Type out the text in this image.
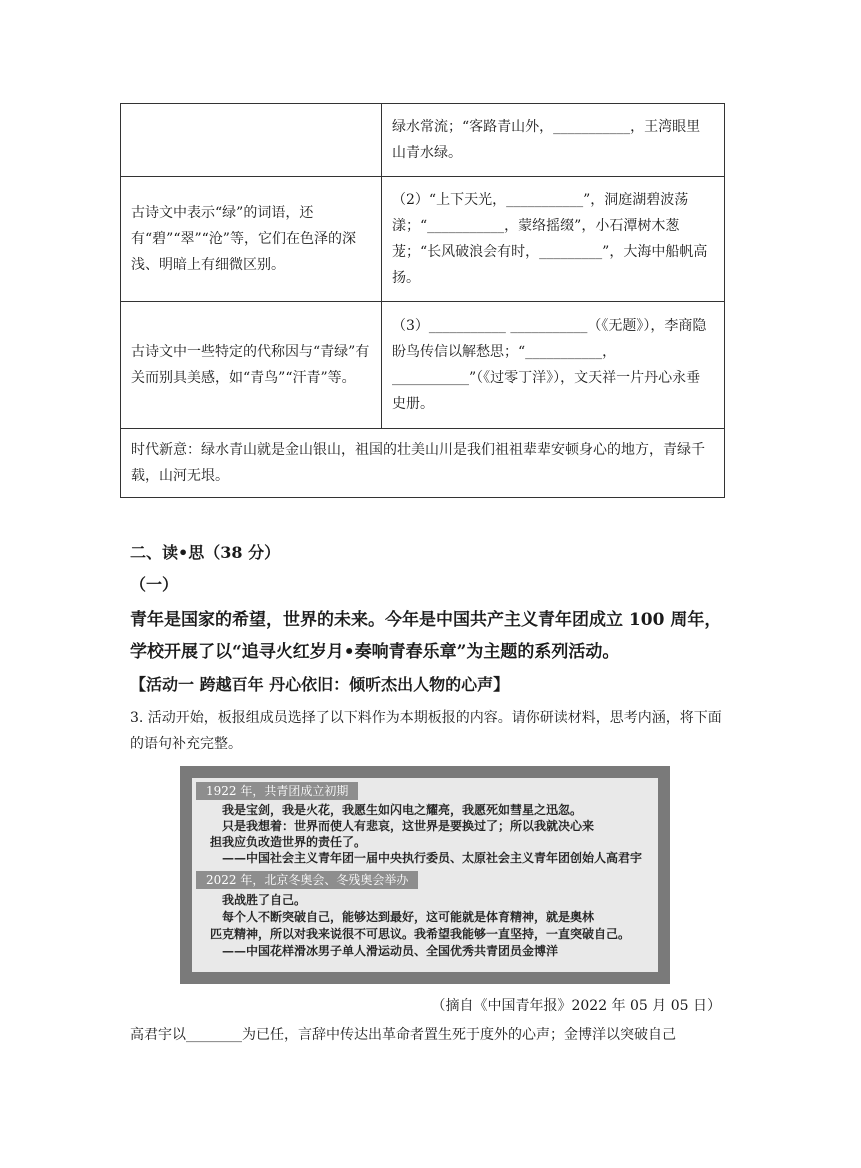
	绿水常流；“客路青山外，___________，王湾眼里山青水绿。
古诗文中表示“绿”的词语，还有“碧”“翠”“沧”等，它们在色泽的深浅、明暗上有细微区别。	（2）“上下天光，___________”，洞庭湖碧波荡漾；“___________，蒙络摇缀”，小石潭树木葱茏；“长风破浪会有时，_________”，大海中船帆高扬。
古诗文中一些特定的代称因与“青绿”有关而别具美感，如“青鸟”“汗青”等。	（3）___________ ___________（《无题》），李商隐盼鸟传信以解愁思；“___________，___________”（《过零丁洋》），文天祥一片丹心永垂史册。
时代新意：绿水青山就是金山银山，祖国的壮美山川是我们祖祖辈辈安顿身心的地方，青绿千载，山河无垠。	
二、读•思（38 分）
（一）
青年是国家的希望，世界的未来。今年是中国共产主义青年团成立 100 周年，学校开展了以“追寻火红岁月•奏响青春乐章”为主题的系列活动。
【活动一 跨越百年 丹心依旧：倾听杰出人物的心声】
3. 活动开始，板报组成员选择了以下料作为本期板报的内容。请你研读材料，思考内涵，将下面的语句补充完整。
1922 年，共青团成立初期
我是宝剑，我是火花，我愿生如闪电之耀亮，我愿死如彗星之迅忽。
只是我想着：世界而使人有悲哀，这世界是要换过了；所以我就决心来
担我应负改造世界的责任了。
——中国社会主义青年团一届中央执行委员、太原社会主义青年团创始人高君宇
2022 年，北京冬奥会、冬残奥会举办
我战胜了自己。
每个人不断突破自己，能够达到最好，这可能就是体育精神，就是奥林
匹克精神，所以对我来说很不可思议。我希望我能够一直坚持，一直突破自己。
——中国花样滑冰男子单人滑运动员、全国优秀共青团员金博洋
（摘自《中国青年报》2022 年 05 月 05 日）
高君宇以________为已任，言辞中传达出革命者置生死于度外的心声；金博洋以突破自己
